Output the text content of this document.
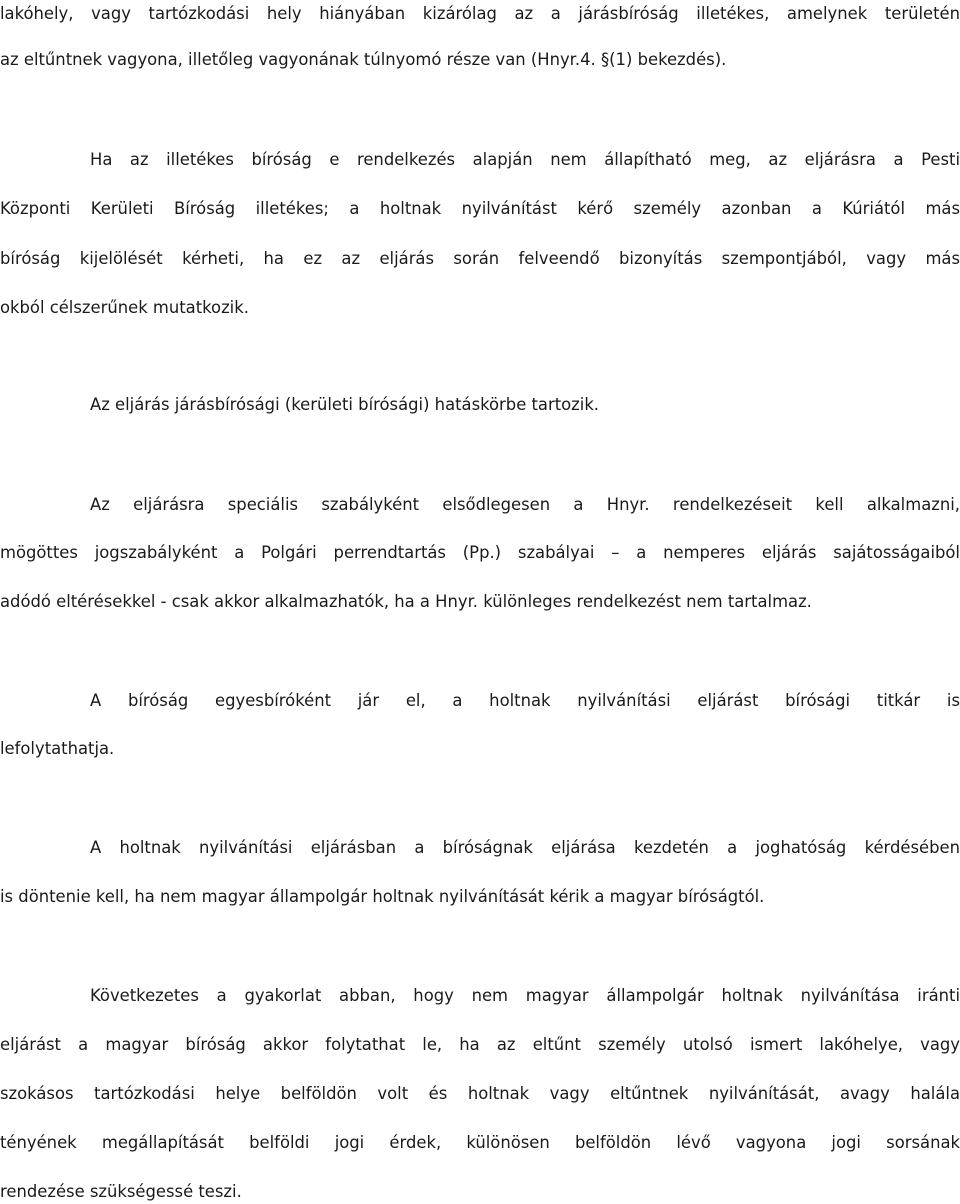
lakóhely, vagy tartózkodási hely hiányában kizárólag az a járásbíróság illetékes, amelynek területén

az eltűntnek vagyona, illetőleg vagyonának túlnyomó része van (Hnyr.4. §(1) bekezdés).

Ha az illetékes bíróság e rendelkezés alapján nem állapítható meg, az eljárásra a Pesti

Központi Kerületi Bíróság illetékes; a holtnak nyilvánítást kérő személy azonban a Kúriától más

bíróság kijelölését kérheti, ha ez az eljárás során felveendő bizonyítás szempontjából, vagy más

okból célszerűnek mutatkozik.

Az eljárás járásbírósági (kerületi bírósági) hatáskörbe tartozik.

Az eljárásra speciális szabályként elsődlegesen a Hnyr. rendelkezéseit kell alkalmazni,

mögöttes jogszabályként a Polgári perrendtartás (Pp.) szabályai – a nemperes eljárás sajátosságaiból

adódó eltérésekkel - csak akkor alkalmazhatók, ha a Hnyr. különleges rendelkezést nem tartalmaz.

A bíróság egyesbíróként jár el, a holtnak nyilvánítási eljárást bírósági titkár is

lefolytathatja.

A holtnak nyilvánítási eljárásban a bíróságnak eljárása kezdetén a joghatóság kérdésében

is döntenie kell, ha nem magyar állampolgár holtnak nyilvánítását kérik a magyar bíróságtól.

Következetes a gyakorlat abban, hogy nem magyar állampolgár holtnak nyilvánítása iránti

eljárást a magyar bíróság akkor folytathat le, ha az eltűnt személy utolsó ismert lakóhelye, vagy

szokásos tartózkodási helye belföldön volt és holtnak vagy eltűntnek nyilvánítását, avagy halála

tényének megállapítását belföldi jogi érdek, különösen belföldön lévő vagyona jogi sorsának

rendezése szükségessé teszi.
